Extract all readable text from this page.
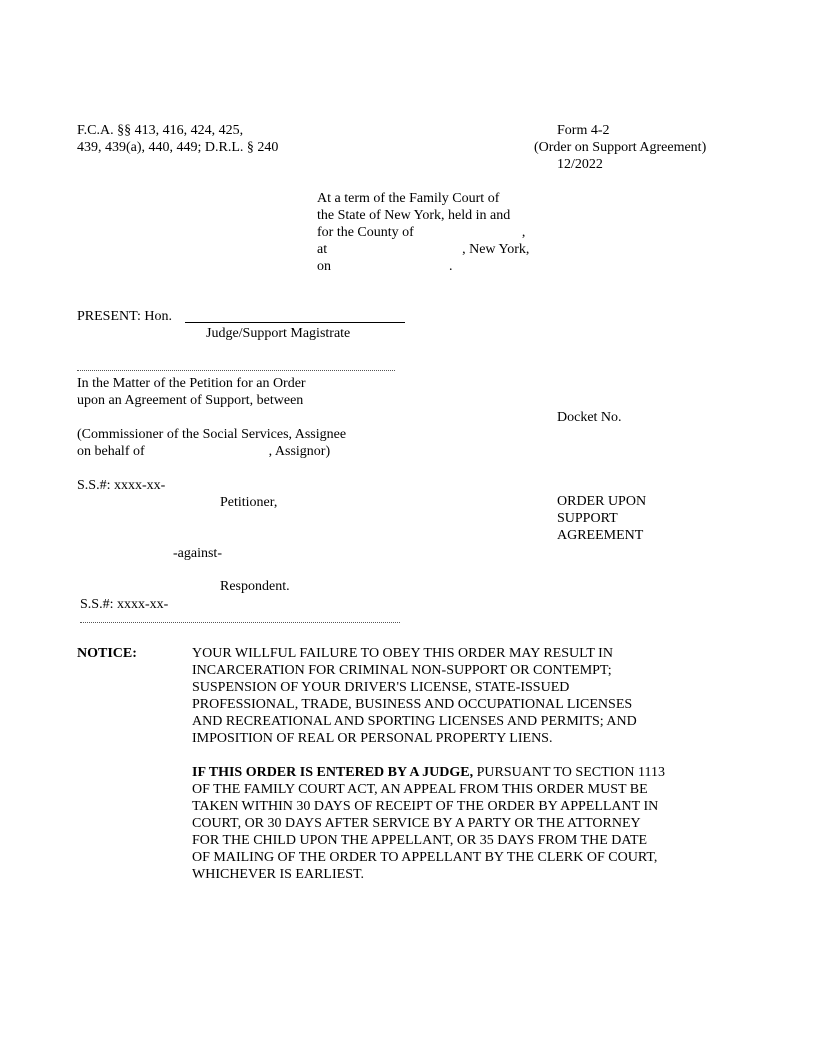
F.C.A. §§ 413, 416, 424, 425,
439, 439(a), 440, 449; D.R.L. § 240
Form 4-2
(Order on Support Agreement)
12/2022
At a term of the Family Court of
the State of New York, held in and
for the County of	,
at	, New York,
on	.
PRESENT: Hon.
Judge/Support Magistrate
In the Matter of the Petition for an Order
upon an Agreement of Support, between
(Commissioner of the Social Services, Assignee
on behalf of	, Assignor)
S.S.#: xxxx-xx-
Petitioner,
-against-
Respondent.
S.S.#: xxxx-xx-
Docket No.
ORDER UPON
SUPPORT
AGREEMENT
NOTICE:	YOUR WILLFUL FAILURE TO OBEY THIS ORDER MAY RESULT IN
INCARCERATION FOR CRIMINAL NON-SUPPORT OR CONTEMPT;
SUSPENSION OF YOUR DRIVER'S LICENSE, STATE-ISSUED
PROFESSIONAL, TRADE, BUSINESS AND OCCUPATIONAL LICENSES
AND RECREATIONAL AND SPORTING LICENSES AND PERMITS; AND
IMPOSITION OF REAL OR PERSONAL PROPERTY LIENS.
IF THIS ORDER IS ENTERED BY A JUDGE, PURSUANT TO SECTION 1113
OF THE FAMILY COURT ACT, AN APPEAL FROM THIS ORDER MUST BE
TAKEN WITHIN 30 DAYS OF RECEIPT OF THE ORDER BY APPELLANT IN
COURT, OR 30 DAYS AFTER SERVICE BY A PARTY OR THE ATTORNEY
FOR THE CHILD UPON THE APPELLANT, OR 35 DAYS FROM THE DATE
OF MAILING OF THE ORDER TO APPELLANT BY THE CLERK OF COURT,
WHICHEVER IS EARLIEST.
